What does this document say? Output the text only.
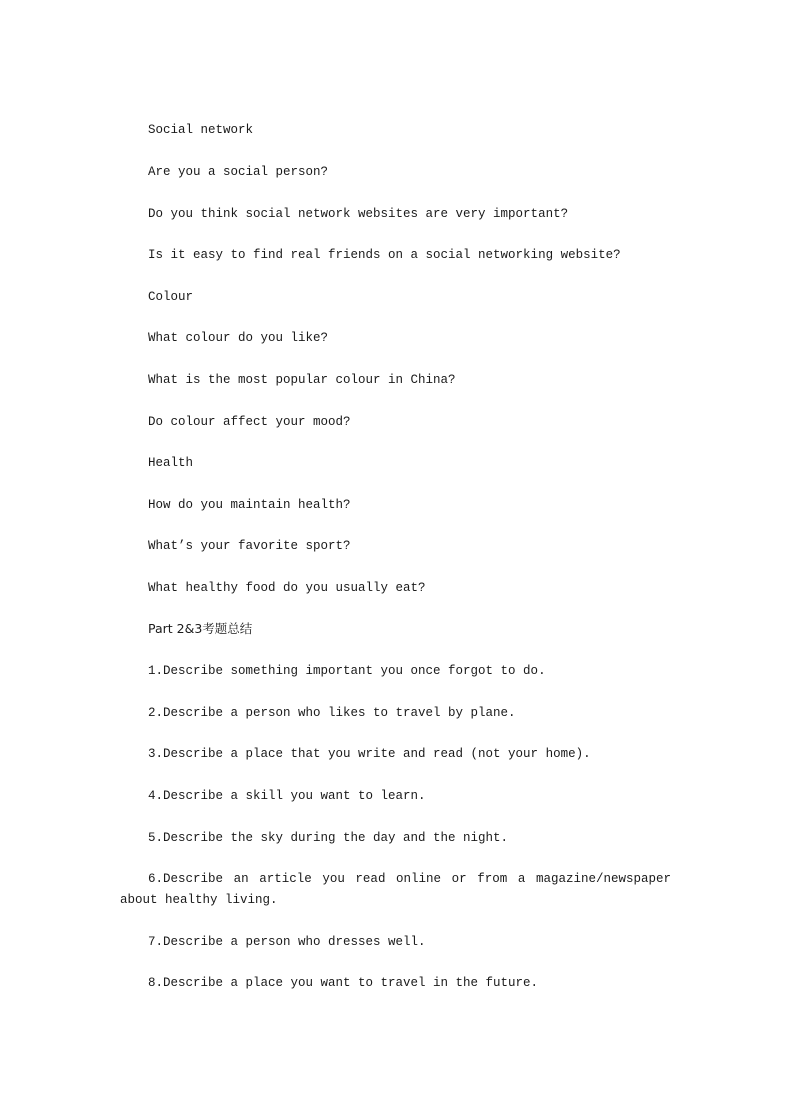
Social network
Are you a social person?
Do you think social network websites are very important?
Is it easy to find real friends on a social networking website?
Colour
What colour do you like?
What is the most popular colour in China?
Do colour affect your mood?
Health
How do you maintain health?
What’s your favorite sport?
What healthy food do you usually eat?
Part 2&3考题总结
1.Describe something important you once forgot to do.
2.Describe a person who likes to travel by plane.
3.Describe a place that you write and read (not your home).
4.Describe a skill you want to learn.
5.Describe the sky during the day and the night.
6.Describe an article you read online or from a magazine/newspaper about healthy living.
7.Describe a person who dresses well.
8.Describe a place you want to travel in the future.
